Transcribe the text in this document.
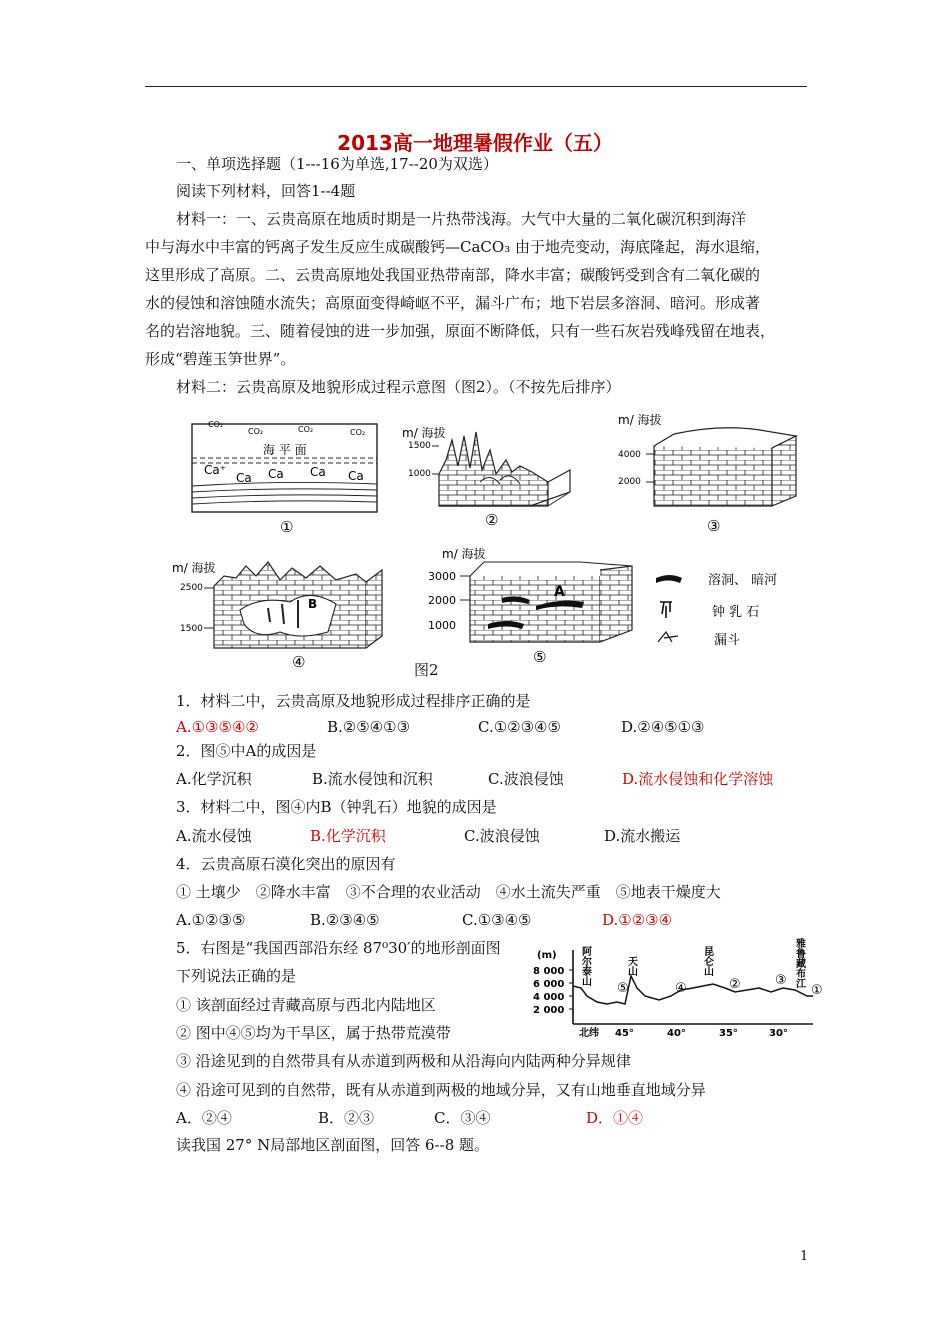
2013高一地理暑假作业（五）
一、单项选择题（1---16为单选,17--20为双选）
阅读下列材料，回答1--4题
材料一：一、云贵高原在地质时期是一片热带浅海。大气中大量的二氧化碳沉积到海洋
中与海水中丰富的钙离子发生反应生成碳酸钙—CaCO₃ 由于地壳变动，海底隆起，海水退缩，
这里形成了高原。二、云贵高原地处我国亚热带南部，降水丰富；碳酸钙受到含有二氧化碳的
水的侵蚀和溶蚀随水流失；高原面变得崎岖不平，漏斗广布；地下岩层多溶洞、暗河。形成著
名的岩溶地貌。三、随着侵蚀的进一步加强，原面不断降低，只有一些石灰岩残峰残留在地表，
形成“碧莲玉笋世界”。
材料二：云贵高原及地貌形成过程示意图（图2）。（不按先后排序）
CO₂
CO₂	CO₂	CO₂
海 平 面
Ca⁺
Ca Ca Ca Ca
①
m/ 海拔
1500
1000
②
m/ 海拔
4000
2000
③
m/ 海拔
2500
1500
B
④
m/ 海拔
3000
2000
1000
A
⑤
溶洞、 暗河
钟 乳 石
漏斗
图2
1．材料二中，云贵高原及地貌形成过程排序正确的是
A.①③⑤④②	B.②⑤④①③	C.①②③④⑤	D.②④⑤①③
2．图⑤中A的成因是
A.化学沉积	B.流水侵蚀和沉积	C.波浪侵蚀	D.流水侵蚀和化学溶蚀
3．材料二中，图④内B（钟乳石）地貌的成因是
A.流水侵蚀	B.化学沉积	C.波浪侵蚀	D.流水搬运
4．云贵高原石漠化突出的原因有
① 土壤少　②降水丰富　③不合理的农业活动　④水土流失严重　⑤地表干燥度大
A.①②③⑤	B.②③④⑤	C.①③④⑤	D.①②③④
5．右图是“我国西部沿东经 87⁰30′的地形剖面图
下列说法正确的是
① 该剖面经过青藏高原与西北内陆地区
② 图中④⑤均为干旱区，属于热带荒漠带
③ 沿途见到的自然带具有从赤道到两极和从沿海向内陆两种分异规律
④ 沿途可见到的自然带，既有从赤道到两极的地域分异，又有山地垂直地域分异
A．②④	B．②③	C．③④	D．①④
(m)
8 000
6 000
4 000
2 000
北纬 45°	40°	35°	30°
阿尔泰山	天山	昆仑山	雅鲁藏布江
⑤	④	②	③
①
读我国 27° N局部地区剖面图，回答 6--8 题。
1
